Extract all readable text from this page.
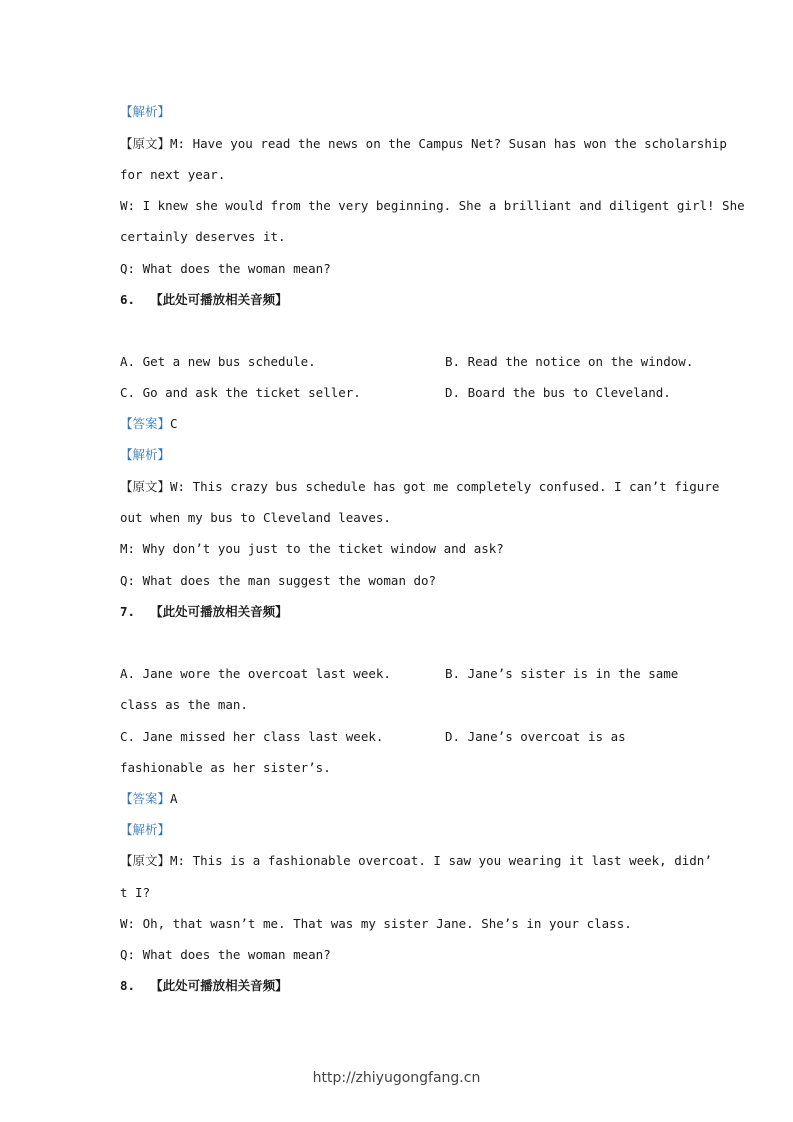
【解析】
【原文】M: Have you read the news on the Campus Net? Susan has won the scholarship
for next year.
W: I knew she would from the very beginning. She a brilliant and diligent girl! She
certainly deserves it.
Q: What does the woman mean?
6. 【此处可播放相关音频】
A. Get a new bus schedule.	B. Read the notice on the window.
C. Go and ask the ticket seller.	D. Board the bus to Cleveland.
【答案】C
【解析】
【原文】W: This crazy bus schedule has got me completely confused. I can’t figure
out when my bus to Cleveland leaves.
M: Why don’t you just to the ticket window and ask?
Q: What does the man suggest the woman do?
7. 【此处可播放相关音频】
A. Jane wore the overcoat last week.	B. Jane’s sister is in the same
class as the man.
C. Jane missed her class last week.	D. Jane’s overcoat is as
fashionable as her sister’s.
【答案】A
【解析】
【原文】M: This is a fashionable overcoat. I saw you wearing it last week, didn’
t I?
W: Oh, that wasn’t me. That was my sister Jane. She’s in your class.
Q: What does the woman mean?
8. 【此处可播放相关音频】
http://zhiyugongfang.cn
